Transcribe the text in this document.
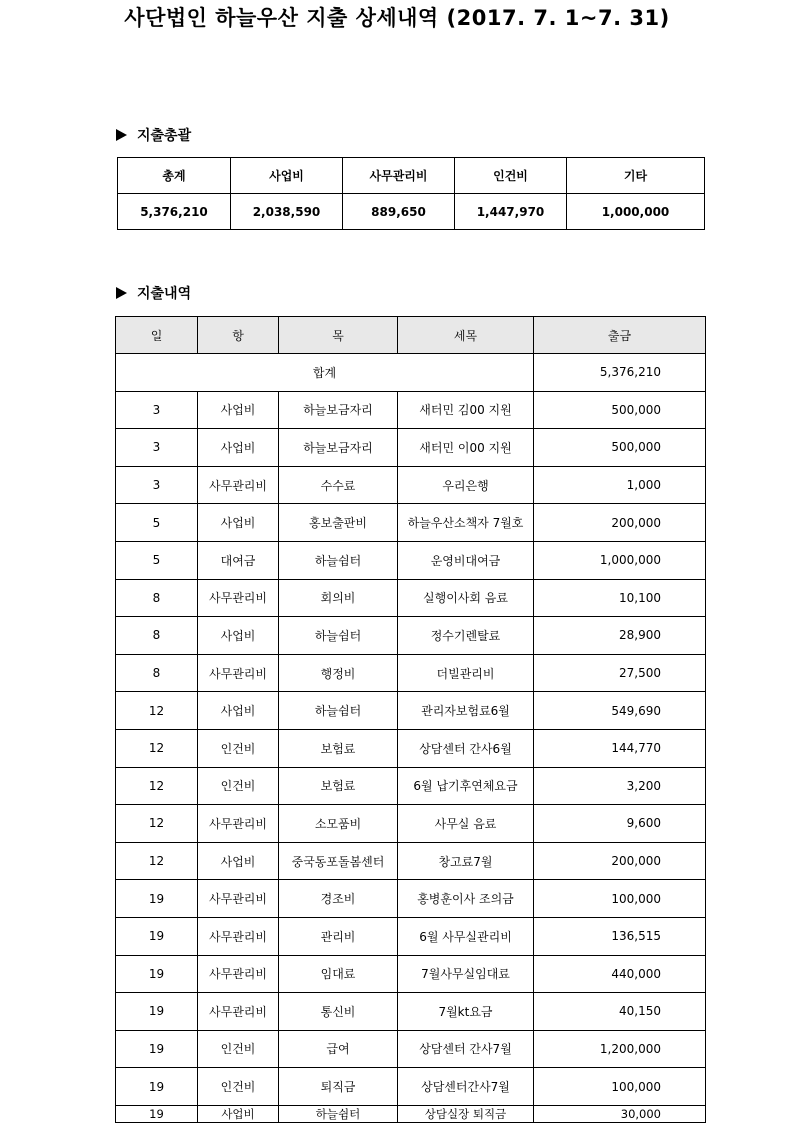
사단법인 하늘우산 지출 상세내역 (2017. 7. 1~7. 31)
지출총괄
총계	사업비	사무관리비	인건비	기타
5,376,210	2,038,590	889,650	1,447,970	1,000,000
지출내역
일	항	목	세목	출금
합계				5,376,210
3	사업비	하늘보금자리	새터민 김00 지원	500,000
3	사업비	하늘보금자리	새터민 이00 지원	500,000
3	사무관리비	수수료	우리은행	1,000
5	사업비	홍보출판비	하늘우산소책자 7월호	200,000
5	대여금	하늘쉼터	운영비대여금	1,000,000
8	사무관리비	회의비	실행이사회 음료	10,100
8	사업비	하늘쉼터	정수기렌탈료	28,900
8	사무관리비	행정비	더빌관리비	27,500
12	사업비	하늘쉼터	관리자보험료6월	549,690
12	인건비	보험료	상담센터 간사6월	144,770
12	인건비	보험료	6월 납기후연체요금	3,200
12	사무관리비	소모품비	사무실 음료	9,600
12	사업비	중국동포돌봄센터	창고료7월	200,000
19	사무관리비	경조비	홍병훈이사 조의금	100,000
19	사무관리비	관리비	6월 사무실관리비	136,515
19	사무관리비	임대료	7월사무실임대료	440,000
19	사무관리비	통신비	7월kt요금	40,150
19	인건비	급여	상담센터 간사7월	1,200,000
19	인건비	퇴직금	상담센터간사7월	100,000
19	사업비	하늘쉼터	상담실장 퇴직금	30,000
